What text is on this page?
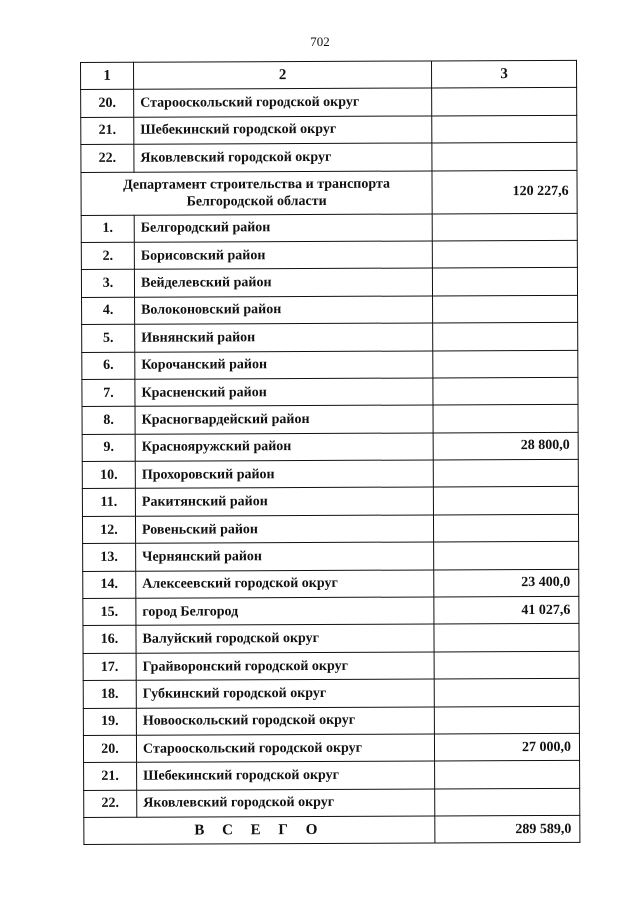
702
1	2	3
20.	Старооскольский городской округ	
21.	Шебекинский городской округ	
22.	Яковлевский городской округ	
Департамент строительства и транспорта Белгородской области		120 227,6
1.	Белгородский район	
2.	Борисовский район	
3.	Вейделевский район	
4.	Волоконовский район	
5.	Ивнянский район	
6.	Корочанский район	
7.	Красненский район	
8.	Красногвардейский район	
9.	Краснояружский район	28 800,0
10.	Прохоровский район	
11.	Ракитянский район	
12.	Ровеньский район	
13.	Чернянский район	
14.	Алексеевский городской округ	23 400,0
15.	город Белгород	41 027,6
16.	Валуйский городской округ	
17.	Грайворонский городской округ	
18.	Губкинский городской округ	
19.	Новооскольский городской округ	
20.	Старооскольский городской округ	27 000,0
21.	Шебекинский городской округ	
22.	Яковлевский городской округ	
В С Е Г О		289 589,0
